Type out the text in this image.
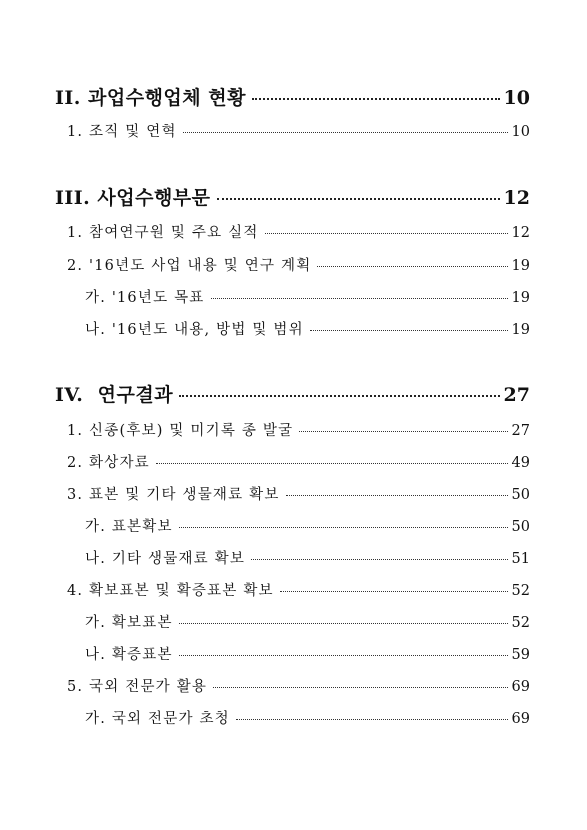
II. 과업수행업체 현황	10
1. 조직 및 연혁	10
III. 사업수행부문	12
1. 참여연구원 및 주요 실적	12
2. '16년도 사업 내용 및 연구 계획	19
가. '16년도 목표	19
나. '16년도 내용, 방법 및 범위	19
IV.  연구결과	27
1. 신종(후보) 및 미기록 종 발굴	27
2. 화상자료	49
3. 표본 및 기타 생물재료 확보	50
가. 표본확보	50
나. 기타 생물재료 확보	51
4. 확보표본 및 확증표본 확보	52
가. 확보표본	52
나. 확증표본	59
5. 국외 전문가 활용	69
가. 국외 전문가 초청	69
